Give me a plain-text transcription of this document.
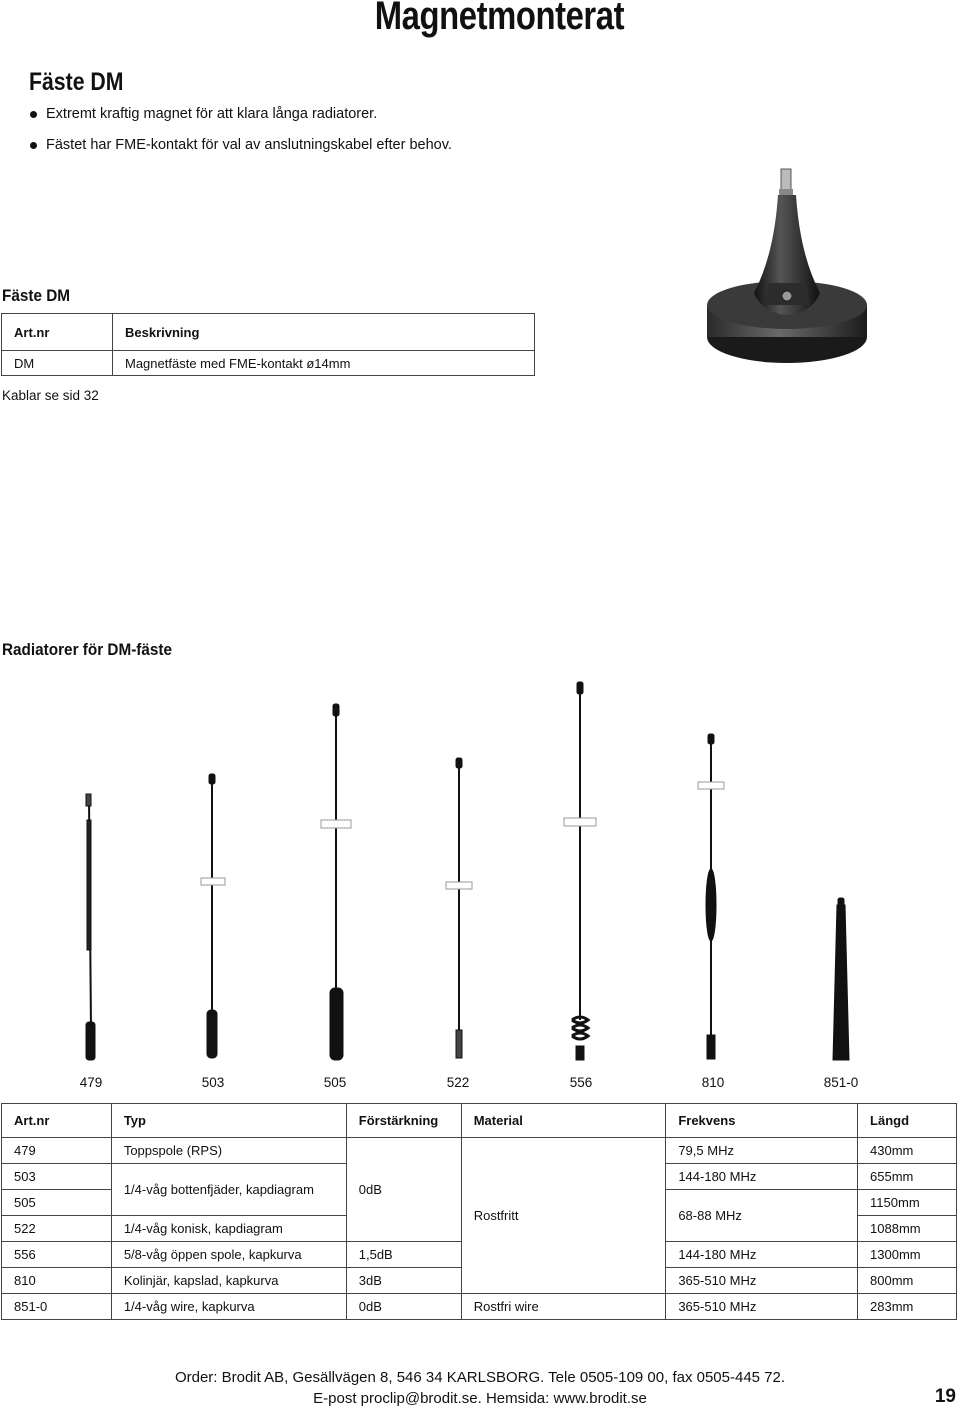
Magnetmonterat
Fäste DM
Extremt kraftig magnet för att klara långa radiatorer.
Fästet har FME-kontakt för val av anslutningskabel efter behov.
Fäste DM
Art.nr	Beskrivning
DM	Magnetfäste med FME-kontakt ø14mm
Kablar se sid 32
Radiatorer för DM-fäste
479	503	505	522	556	810	851-0
Art.nr	Typ	Förstärkning	Material	Frekvens	Längd
479	Toppspole (RPS)		Rostfritt	79,5 MHz	430mm
503	1/4-våg bottenfjäder, kapdiagram	0dB		144-180 MHz	655mm
505				68-88 MHz	1150mm
522	1/4-våg konisk, kapdiagram				1088mm
556	5/8-våg öppen spole, kapkurva	1,5dB		144-180 MHz	1300mm
810	Kolinjär, kapslad, kapkurva	3dB		365-510 MHz	800mm
851-0	1/4-våg wire, kapkurva	0dB	Rostfri wire	365-510 MHz	283mm
Order: Brodit AB, Gesällvägen 8, 546 34 KARLSBORG. Tele 0505-109 00, fax 0505-445 72.
E-post proclip@brodit.se. Hemsida: www.brodit.se	19
